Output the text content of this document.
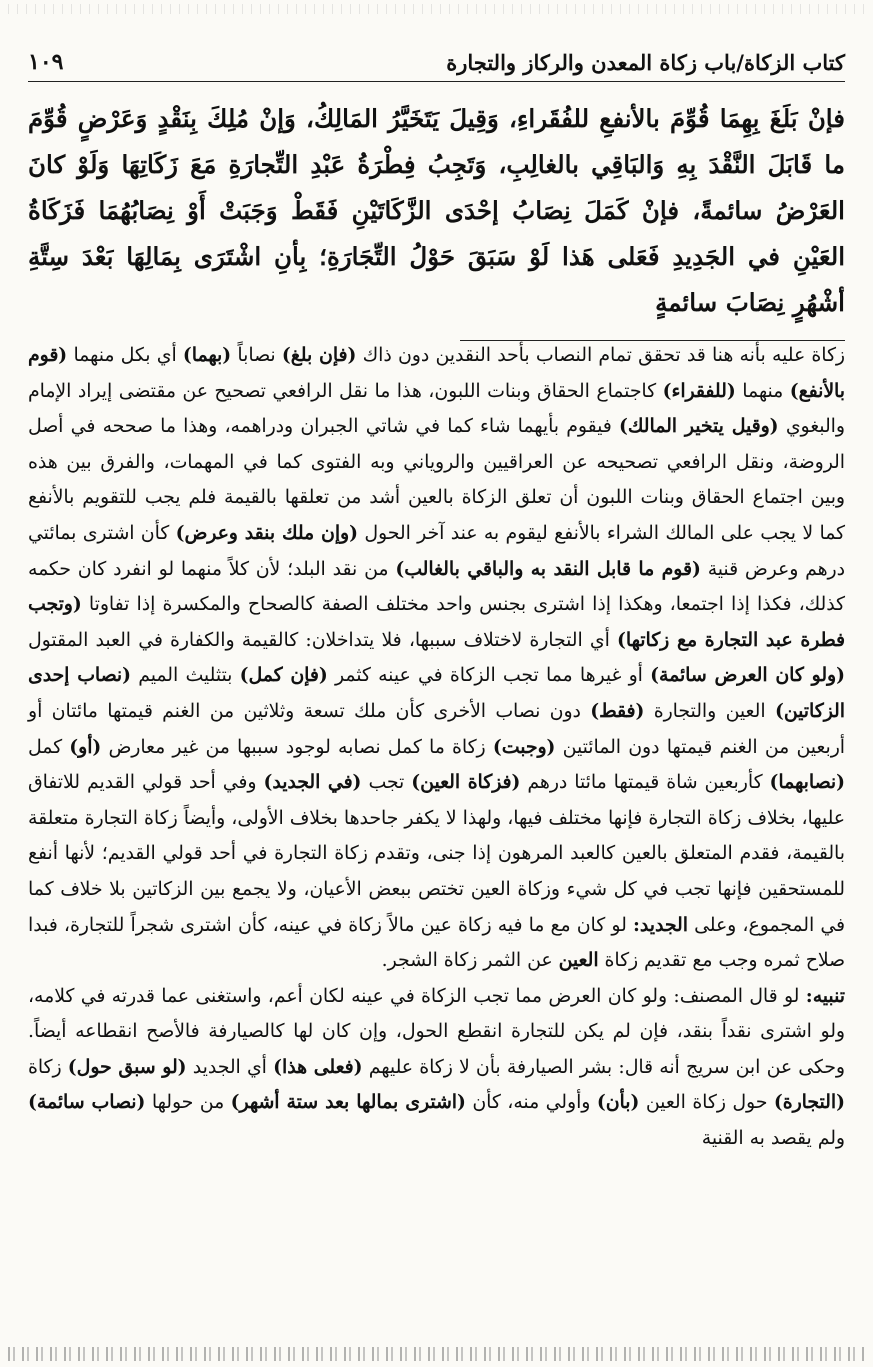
كتاب الزكاة/باب زكاة المعدن والركاز والتجارة
١٠٩

فإنْ بَلَغَ بِهِمَا قُوِّمَ بالأنفعِ للفُقَراءِ، وَقِيلَ يَتَخَيَّرُ المَالِكُ، وَإنْ مُلِكَ بِنَقْدٍ وَعَرْضٍ قُوِّمَ ما قَابَلَ النَّقْدَ بِهِ وَالبَاقِي بالغالِبِ، وَتَجِبُ فِطْرَةُ عَبْدِ التِّجارَةِ مَعَ زَكَاتِهَا وَلَوْ كانَ العَرْضُ سائمةً، فإنْ كَمَلَ نِصَابُ إحْدَى الزَّكَاتَيْنِ فَقَطْ وَجَبَتْ أَوْ نِصَابُهُمَا فَزَكَاةُ العَيْنِ في الجَدِيدِ فَعَلى هَذا لَوْ سَبَقَ حَوْلُ التِّجَارَةِ؛ بِأنِ اشْتَرَى بِمَالِهَا بَعْدَ سِتَّةِ أشْهُرٍ نِصَابَ سائمةٍ

زكاة عليه بأنه هنا قد تحقق تمام النصاب بأحد النقدين دون ذاك (فإن بلغ) نصاباً (بهما) أي بكل منهما (قوم بالأنفع) منهما (للفقراء) كاجتماع الحقاق وبنات اللبون، هذا ما نقل الرافعي تصحيح عن مقتضى إيراد الإمام والبغوي (وقيل يتخير المالك) فيقوم بأيهما شاء كما في شاتي الجبران ودراهمه، وهذا ما صححه في أصل الروضة، ونقل الرافعي تصحيحه عن العراقيين والروياني وبه الفتوى كما في المهمات، والفرق بين هذه وبين اجتماع الحقاق وبنات اللبون أن تعلق الزكاة بالعين أشد من تعلقها بالقيمة فلم يجب للتقويم بالأنفع كما لا يجب على المالك الشراء بالأنفع ليقوم به عند آخر الحول (وإن ملك بنقد وعرض) كأن اشترى بمائتي درهم وعرض قنية (قوم ما قابل النقد به والباقي بالغالب) من نقد البلد؛ لأن كلاً منهما لو انفرد كان حكمه كذلك، فكذا إذا اجتمعا، وهكذا إذا اشترى بجنس واحد مختلف الصفة كالصحاح والمكسرة إذا تفاوتا (وتجب فطرة عبد التجارة مع زكاتها) أي التجارة لاختلاف سببها، فلا يتداخلان: كالقيمة والكفارة في العبد المقتول (ولو كان العرض سائمة) أو غيرها مما تجب الزكاة في عينه كثمر (فإن كمل) بتثليث الميم (نصاب إحدى الزكاتين) العين والتجارة (فقط) دون نصاب الأخرى كأن ملك تسعة وثلاثين من الغنم قيمتها مائتان أو أربعين من الغنم قيمتها دون المائتين (وجبت) زكاة ما كمل نصابه لوجود سببها من غير معارض (أو) كمل (نصابهما) كأربعين شاة قيمتها مائتا درهم (فزكاة العين) تجب (في الجديد) وفي أحد قولي القديم للاتفاق عليها، بخلاف زكاة التجارة فإنها مختلف فيها، ولهذا لا يكفر جاحدها بخلاف الأولى، وأيضاً زكاة التجارة متعلقة بالقيمة، فقدم المتعلق بالعين كالعبد المرهون إذا جنى، وتقدم زكاة التجارة في أحد قولي القديم؛ لأنها أنفع للمستحقين فإنها تجب في كل شيء وزكاة العين تختص ببعض الأعيان، ولا يجمع بين الزكاتين بلا خلاف كما في المجموع، وعلى الجديد: لو كان مع ما فيه زكاة عين مالاً زكاة في عينه، كأن اشترى شجراً للتجارة، فبدا صلاح ثمره وجب مع تقديم زكاة العين عن الثمر زكاة الشجر.

تنبيه: لو قال المصنف: ولو كان العرض مما تجب الزكاة في عينه لكان أعم، واستغنى عما قدرته في كلامه، ولو اشترى نقداً بنقد، فإن لم يكن للتجارة انقطع الحول، وإن كان لها كالصيارفة فالأصح انقطاعه أيضاً. وحكى عن ابن سريج أنه قال: بشر الصيارفة بأن لا زكاة عليهم (فعلى هذا) أي الجديد (لو سبق حول) زكاة (التجارة) حول زكاة العين (بأن) وأولي منه، كأن (اشترى بمالها بعد ستة أشهر) من حولها (نصاب سائمة) ولم يقصد به القنية
